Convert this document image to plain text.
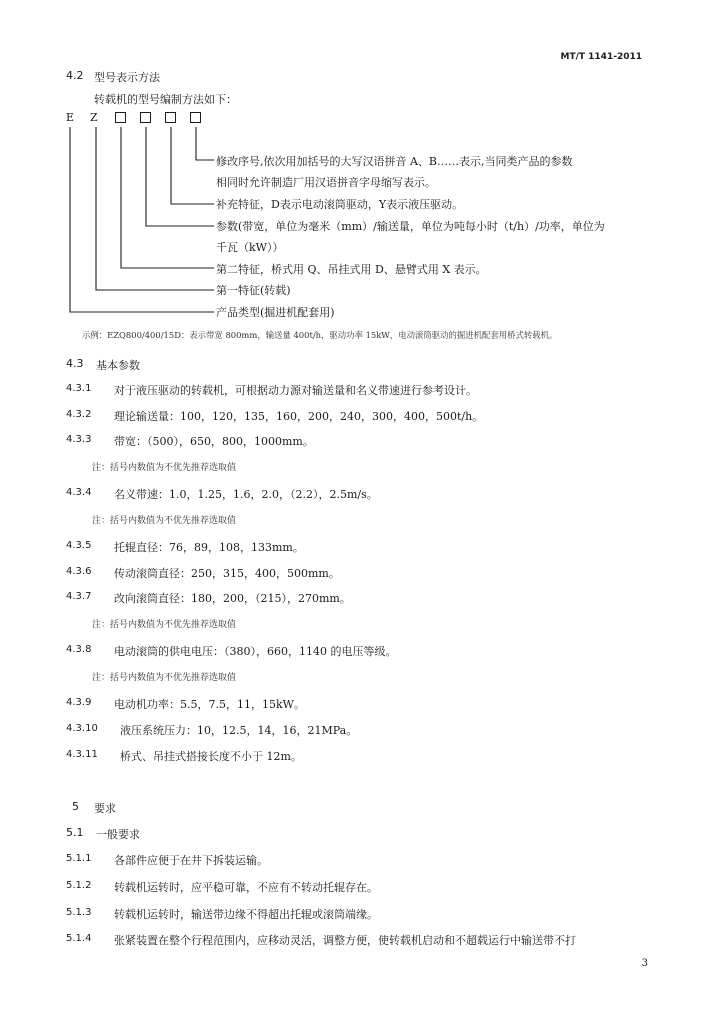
MT/T 1141-2011
4.2 型号表示方法
转载机的型号编制方法如下：
E Z
修改序号,依次用加括号的大写汉语拼音 A、B……表示,当同类产品的参数
相同时允许制造厂用汉语拼音字母缩写表示。
补充特征，D表示电动滚筒驱动，Y表示液压驱动。
参数(带宽，单位为毫米（mm）/输送量，单位为吨每小时（t/h）/功率，单位为
千瓦（kW））
第二特征，桥式用 Q、吊挂式用 D、悬臂式用 X 表示。
第一特征(转载)
产品类型(掘进机配套用)
示例：EZQ800/400/15D：表示带宽 800mm，输送量 400t/h，驱动功率 15kW，电动滚筒驱动的掘进机配套用桥式转载机。
4.3 基本参数
4.3.1 对于液压驱动的转载机，可根据动力源对输送量和名义带速进行参考设计。
4.3.2 理论输送量：100，120，135，160，200，240，300，400，500t/h。
4.3.3 带宽：（500），650，800，1000mm。
注：括号内数值为不优先推荐选取值
4.3.4 名义带速：1.0，1.25，1.6，2.0，（2.2），2.5m/s。
注：括号内数值为不优先推荐选取值
4.3.5 托辊直径：76，89，108，133mm。
4.3.6 传动滚筒直径：250，315，400，500mm。
4.3.7 改向滚筒直径：180，200，（215），270mm。
注：括号内数值为不优先推荐选取值
4.3.8 电动滚筒的供电电压：（380），660，1140 的电压等级。
注：括号内数值为不优先推荐选取值
4.3.9 电动机功率：5.5，7.5，11，15kW。
4.3.10 液压系统压力：10，12.5，14，16，21MPa。
4.3.11 桥式、吊挂式搭接长度不小于 12m。
5 要求
5.1 一般要求
5.1.1 各部件应便于在井下拆装运输。
5.1.2 转载机运转时，应平稳可靠，不应有不转动托辊存在。
5.1.3 转载机运转时，输送带边缘不得超出托辊或滚筒端缘。
5.1.4 张紧装置在整个行程范围内，应移动灵活，调整方便，使转载机启动和不超载运行中输送带不打
3
